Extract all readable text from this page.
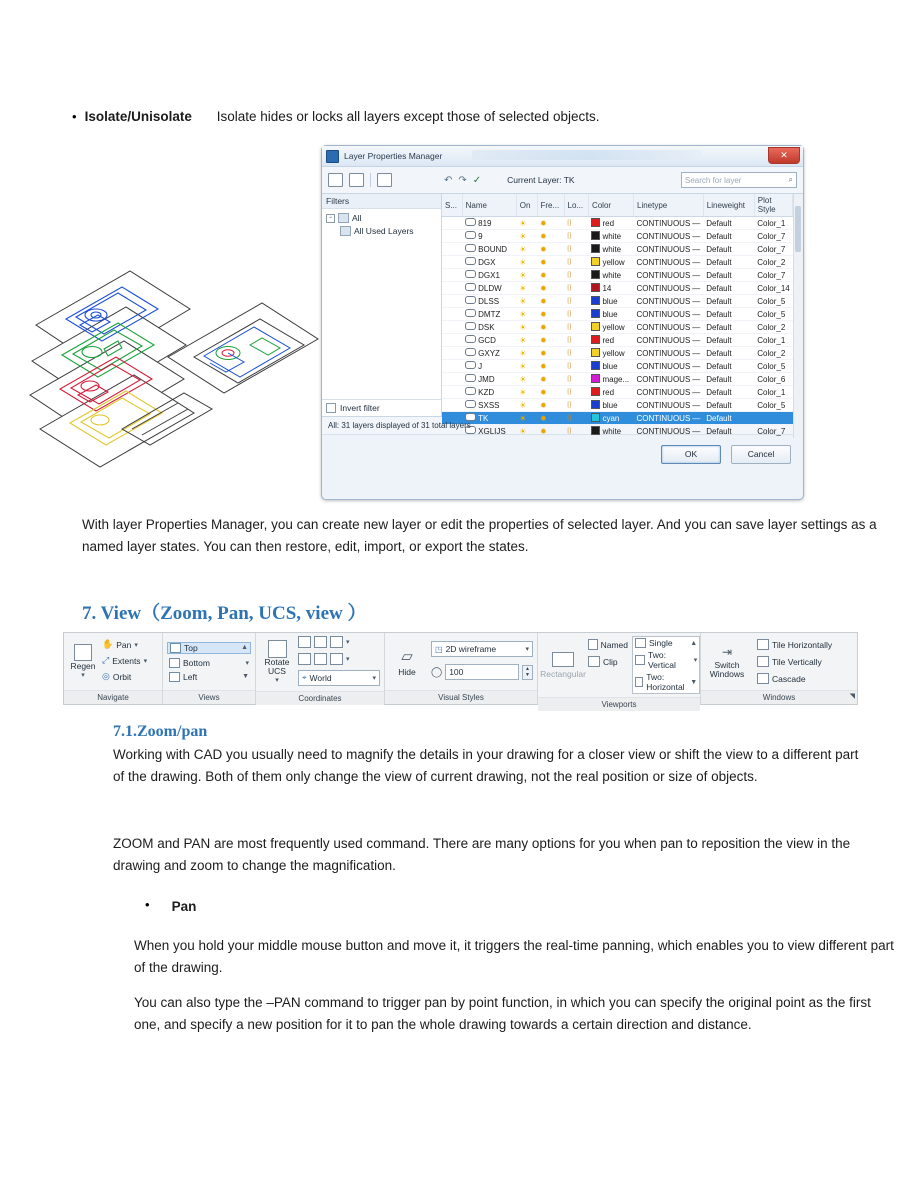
• Isolate/Unisolate Isolate hides or locks all layers except those of selected objects.
Layer Properties Manager	✕
↶ ↷ ✓	Current Layer: TK	Search for layer	⌕
Filters
−	All
All Used Layers
Invert filter
S...	Name	On	Fre...	Lo...	Color	Linetype	Lineweight	Plot Style
	819	☀	✹	⌷	red	CONTINUOUS —	Default	Color_1
	9	☀	✹	⌷	white	CONTINUOUS —	Default	Color_7
	BOUND	☀	✹	⌷	white	CONTINUOUS —	Default	Color_7
	DGX	☀	✹	⌷	yellow	CONTINUOUS —	Default	Color_2
	DGX1	☀	✹	⌷	white	CONTINUOUS —	Default	Color_7
	DLDW	☀	✹	⌷	14	CONTINUOUS —	Default	Color_14
	DLSS	☀	✹	⌷	blue	CONTINUOUS —	Default	Color_5
	DMTZ	☀	✹	⌷	blue	CONTINUOUS —	Default	Color_5
	DSK	☀	✹	⌷	yellow	CONTINUOUS —	Default	Color_2
	GCD	☀	✹	⌷	red	CONTINUOUS —	Default	Color_1
	GXYZ	☀	✹	⌷	yellow	CONTINUOUS —	Default	Color_2
	J	☀	✹	⌷	blue	CONTINUOUS —	Default	Color_5
	JMD	☀	✹	⌷	mage...	CONTINUOUS —	Default	Color_6
	KZD	☀	✹	⌷	red	CONTINUOUS —	Default	Color_1
	SXSS	☀	✹	⌷	blue	CONTINUOUS —	Default	Color_5
	TK	☀	✹	⌷	cyan	CONTINUOUS —	Default	
	XGLIJS	☀	✹	⌷	white	CONTINUOUS —	Default	Color_7
All: 31 layers displayed of 31 total layers
OK	Cancel
With layer Properties Manager, you can create new layer or edit the properties of selected layer. And you can save layer settings as a named layer states. You can then restore, edit, import, or export the states.
7. View（Zoom, Pan, UCS, view ）
Regen
▾
✋ Pan ▾
⤢ Extents ▾
◎ Orbit
Navigate
Top	▲
Bottom	▾
Left	▼
Views
Rotate UCS
▾
▾
▾
⌖ World	▾
Coordinates
▱
Hide
◳ 2D wireframe	▾
◯ 100	▲
▼
Visual Styles
Rectangular
Named
Clip
Single	▲
Two: Vertical	▾
Two: Horizontal ▼
Viewports
⇥
Switch Windows
Tile Horizontally
Tile Vertically
Cascade
Windows	◥
7.1.Zoom/pan
Working with CAD you usually need to magnify the details in your drawing for a closer view or shift the view to a different part of the drawing. Both of them only change the view of current drawing, not the real position or size of objects.
ZOOM and PAN are most frequently used command. There are many options for you when pan to reposition the view in the drawing and zoom to change the magnification.
• Pan
When you hold your middle mouse button and move it, it triggers the real-time panning, which enables you to view different part of the drawing.
You can also type the –PAN command to trigger pan by point function, in which you can specify the original point as the first one, and specify a new position for it to pan the whole drawing towards a certain direction and distance.
